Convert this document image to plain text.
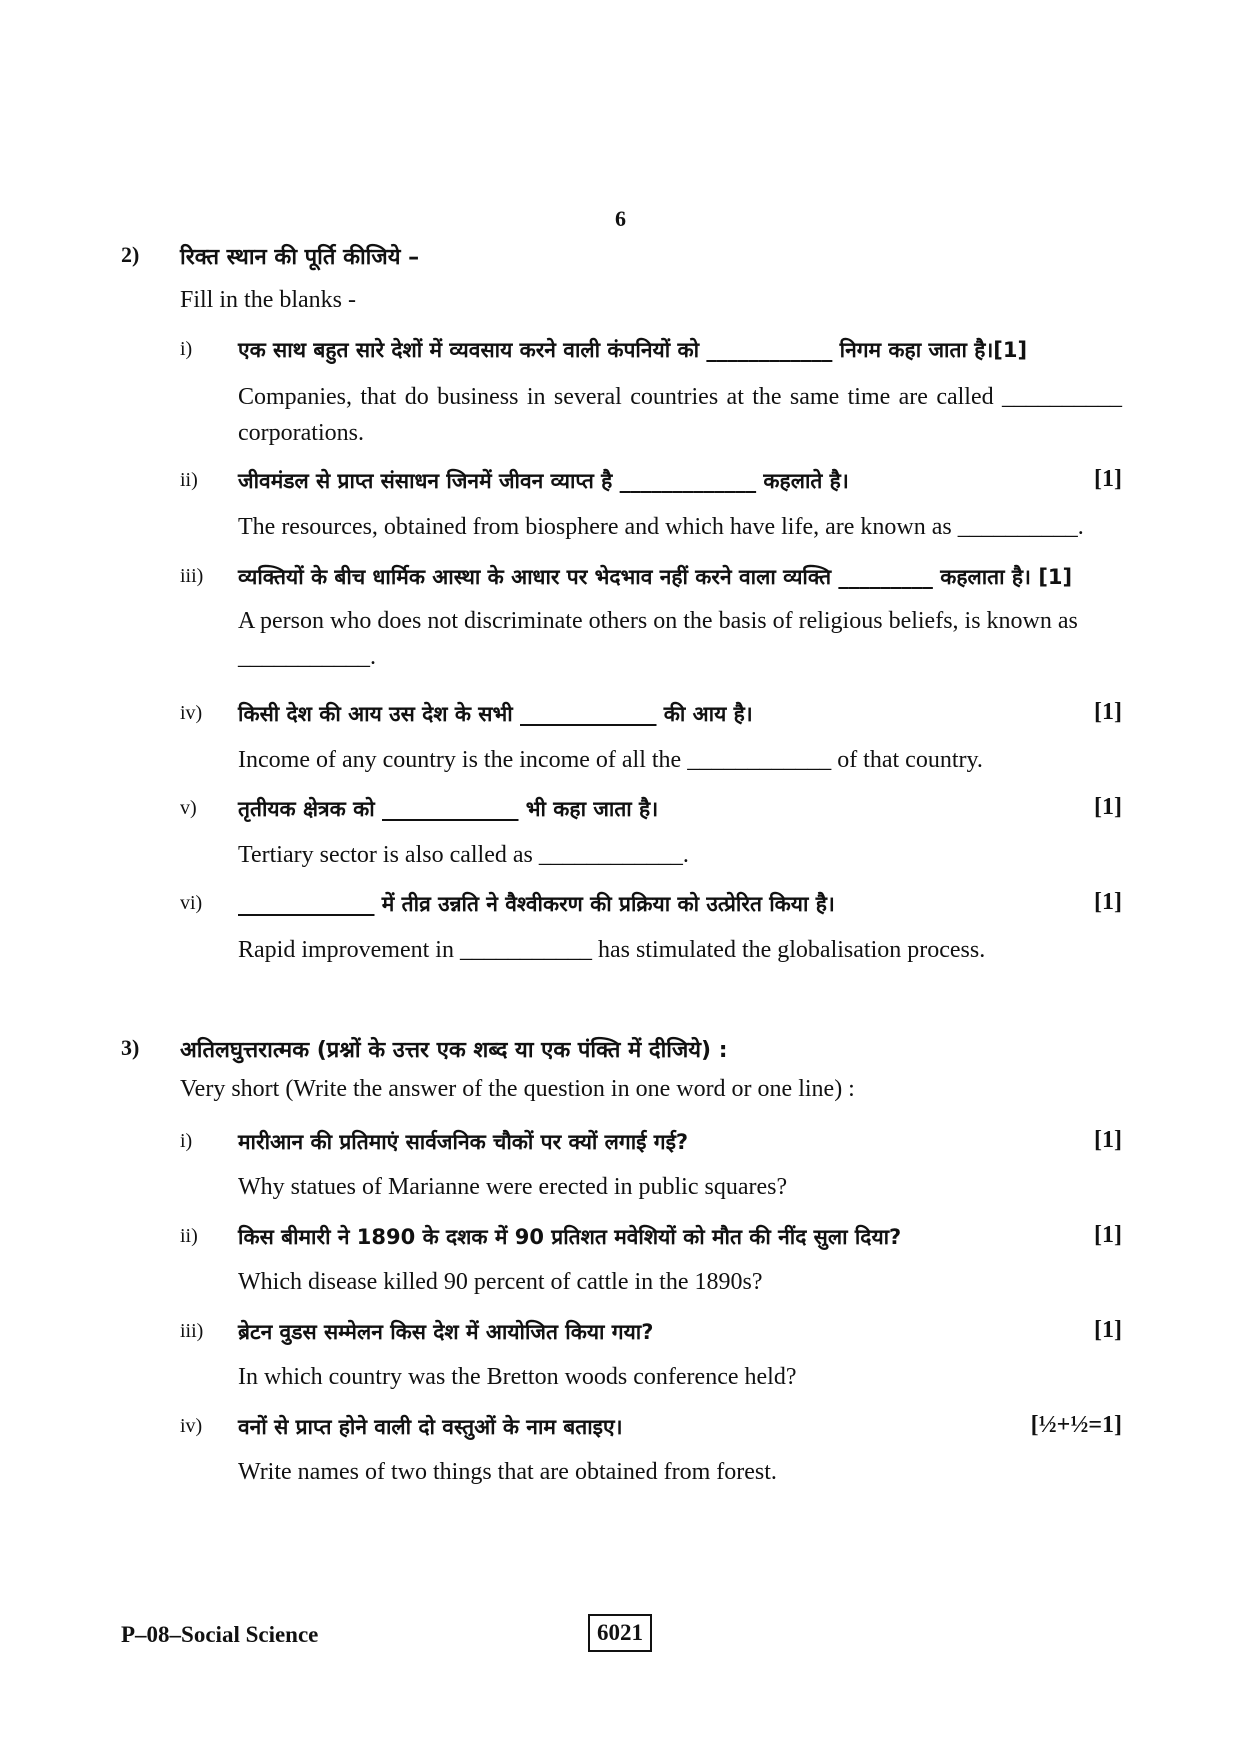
6
2) रिक्त स्थान की पूर्ति कीजिये –
Fill in the blanks -
i) एक साथ बहुत सारे देशों में व्यवसाय करने वाली कंपनियों को ____________ निगम कहा जाता है।[1]
Companies, that do business in several countries at the same time are called __________ corporations.
ii) जीवमंडल से प्राप्त संसाधन जिनमें जीवन व्याप्त है _____________ कहलाते है।	[1]
The resources, obtained from biosphere and which have life, are known as __________.
iii) व्यक्तियों के बीच धार्मिक आस्था के आधार पर भेदभाव नहीं करने वाला व्यक्ति _________ कहलाता है। [1]
A person who does not discriminate others on the basis of religious beliefs, is known as ___________.
iv) किसी देश की आय उस देश के सभी _____________ की आय है।	[1]
Income of any country is the income of all the ____________ of that country.
v) तृतीयक क्षेत्रक को _____________ भी कहा जाता है।	[1]
Tertiary sector is also called as ____________.
vi) _____________ में तीव्र उन्नति ने वैश्वीकरण की प्रक्रिया को उत्प्रेरित किया है।	[1]
Rapid improvement in ___________ has stimulated the globalisation process.
3) अतिलघुत्तरात्मक (प्रश्नों के उत्तर एक शब्द या एक पंक्ति में दीजिये) :
Very short (Write the answer of the question in one word or one line) :
i) मारीआन की प्रतिमाएं सार्वजनिक चौकों पर क्यों लगाई गई?	[1]
Why statues of Marianne were erected in public squares?
ii) किस बीमारी ने 1890 के दशक में 90 प्रतिशत मवेशियों को मौत की नींद सुला दिया?	[1]
Which disease killed 90 percent of cattle in the 1890s?
iii) ब्रेटन वुडस सम्मेलन किस देश में आयोजित किया गया?	[1]
In which country was the Bretton woods conference held?
iv) वनों से प्राप्त होने वाली दो वस्तुओं के नाम बताइए।	[½+½=1]
Write names of two things that are obtained from forest.
P–08–Social Science	6021
